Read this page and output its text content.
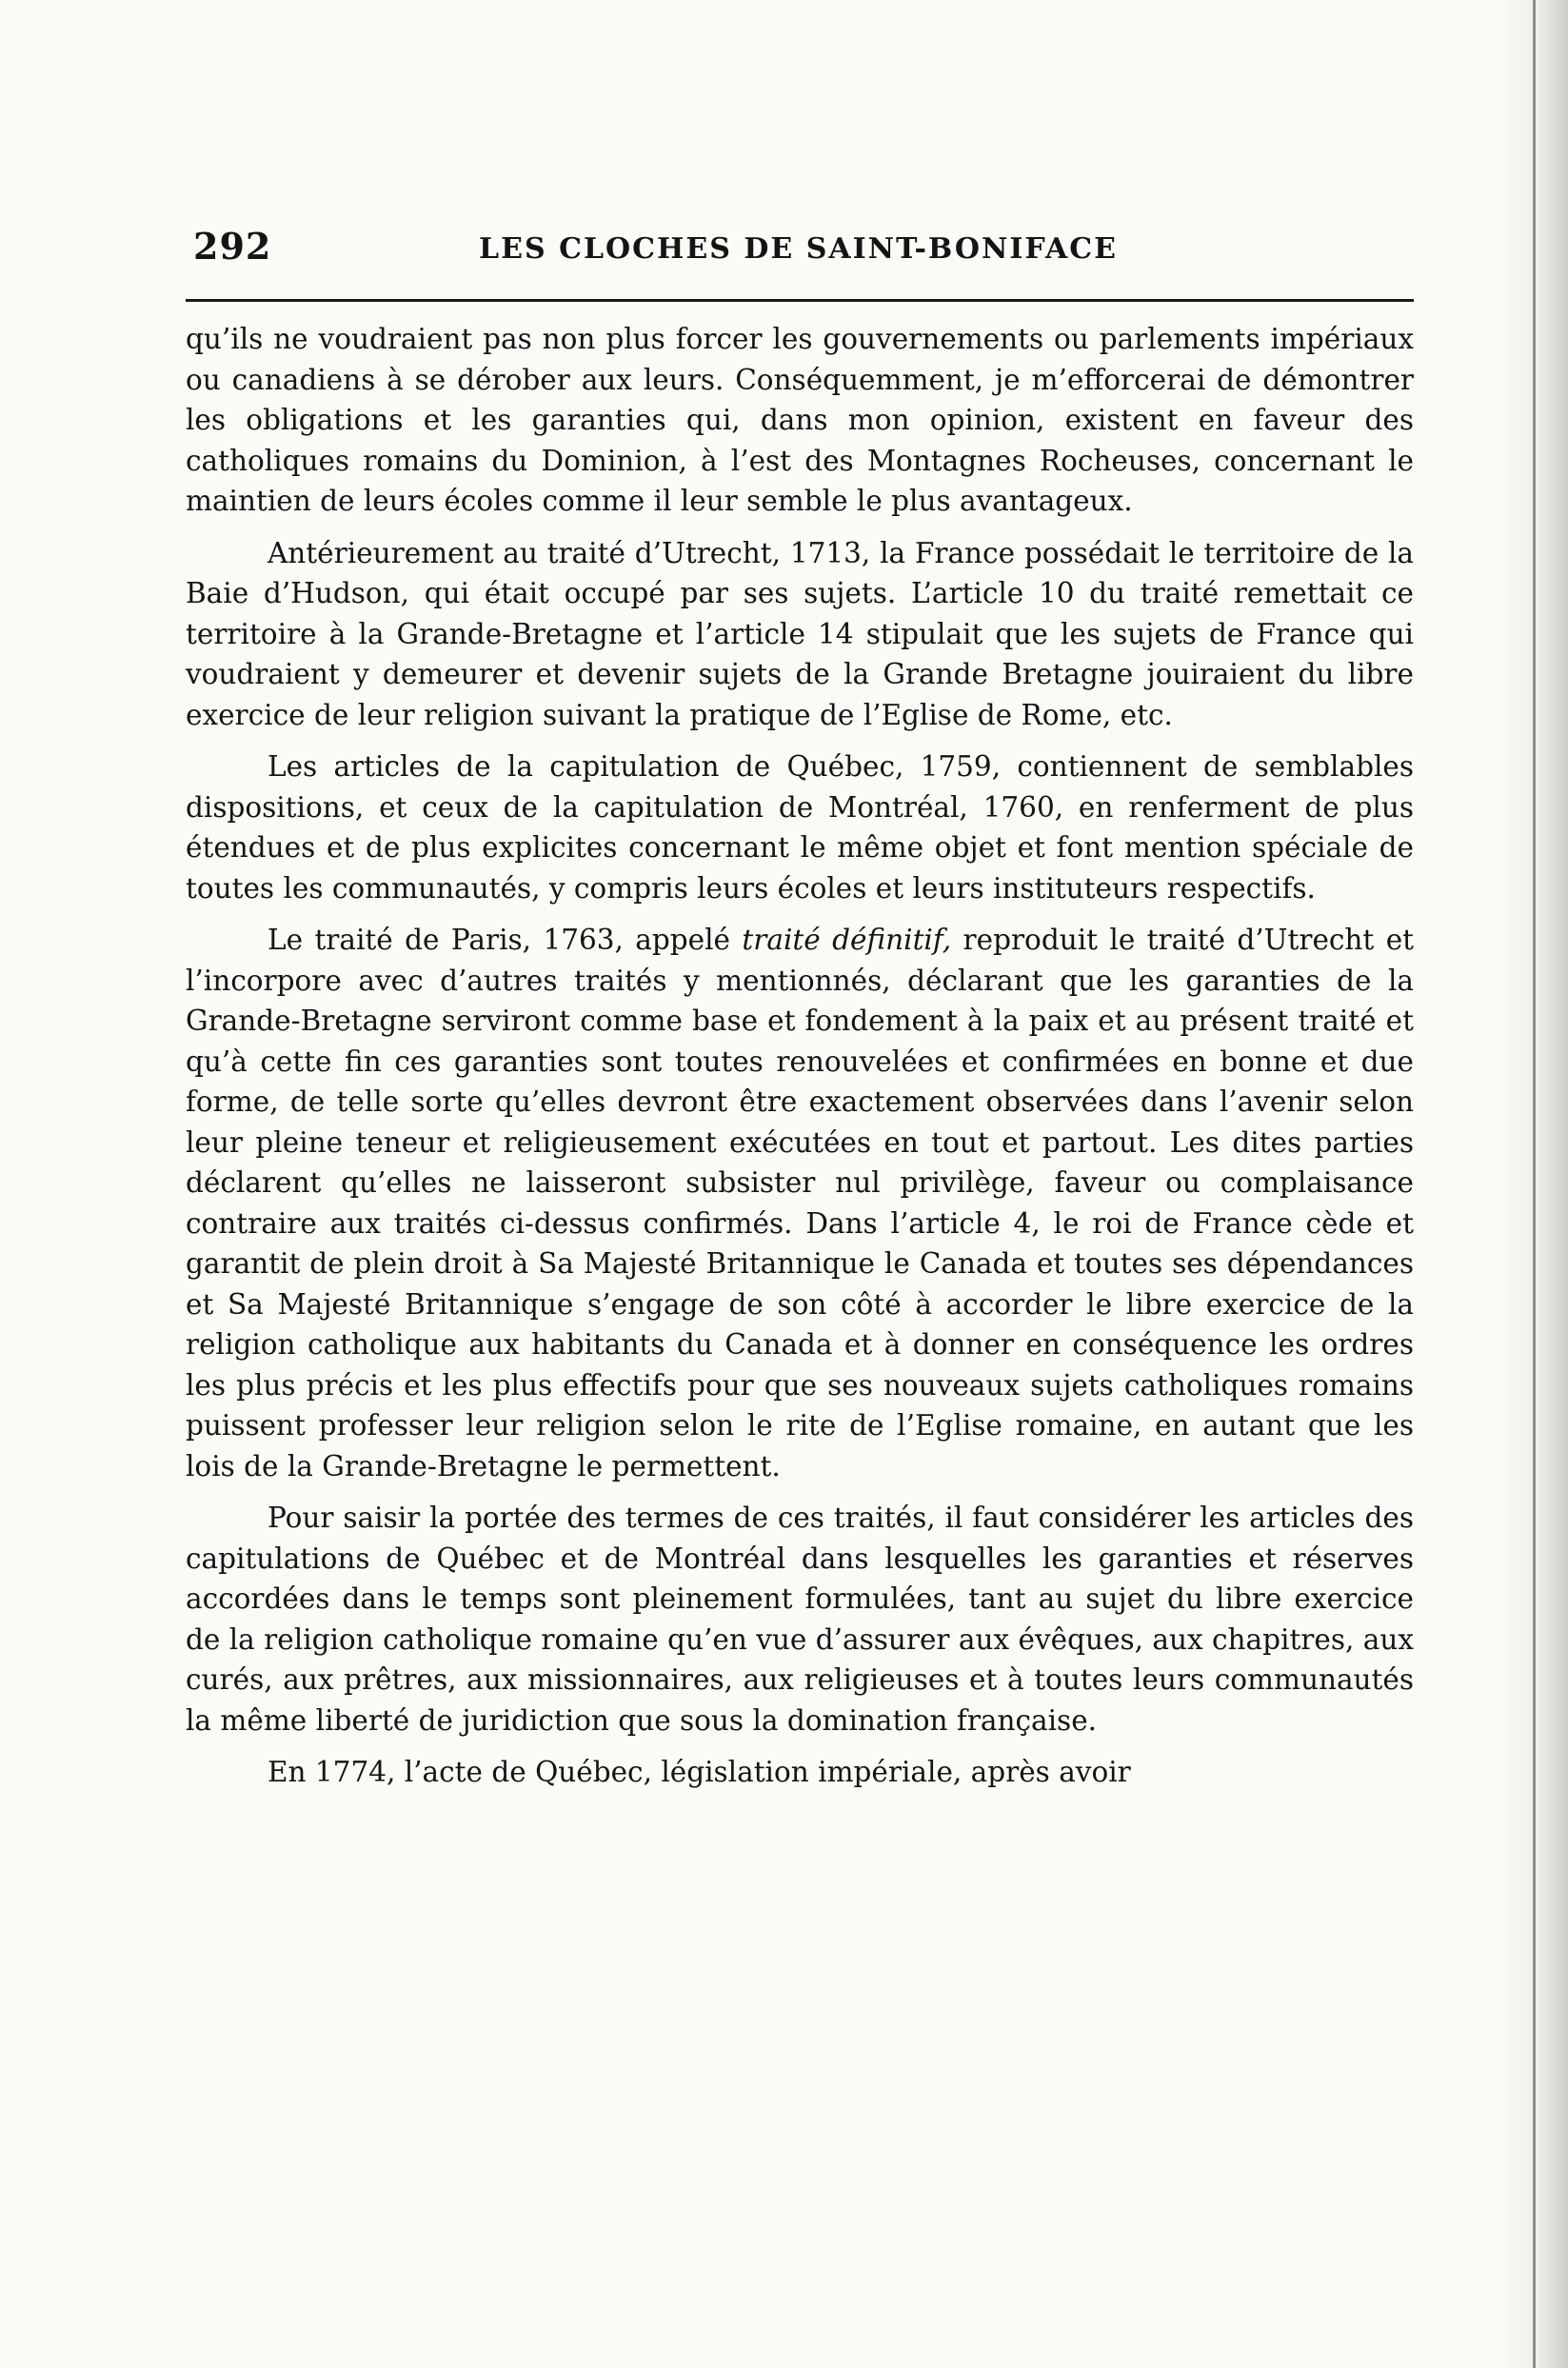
292	LES CLOCHES DE SAINT-BONIFACE

qu’ils ne voudraient pas non plus forcer les gouvernements ou parlements impériaux ou canadiens à se dérober aux leurs. Conséquemment, je m’efforcerai de démontrer les obligations et les garanties qui, dans mon opinion, existent en faveur des catholiques romains du Dominion, à l’est des Montagnes Rocheuses, concernant le maintien de leurs écoles comme il leur semble le plus avantageux.

Antérieurement au traité d’Utrecht, 1713, la France possédait le territoire de la Baie d’Hudson, qui était occupé par ses sujets. L’article 10 du traité remettait ce territoire à la Grande-Bretagne et l’article 14 stipulait que les sujets de France qui voudraient y demeurer et devenir sujets de la Grande Bretagne jouiraient du libre exercice de leur religion suivant la pratique de l’Eglise de Rome, etc.

Les articles de la capitulation de Québec, 1759, contiennent de semblables dispositions, et ceux de la capitulation de Montréal, 1760, en renferment de plus étendues et de plus explicites concernant le même objet et font mention spéciale de toutes les communautés, y compris leurs écoles et leurs instituteurs respectifs.

Le traité de Paris, 1763, appelé traité définitif, reproduit le traité d’Utrecht et l’incorpore avec d’autres traités y mentionnés, déclarant que les garanties de la Grande-Bretagne serviront comme base et fondement à la paix et au présent traité et qu’à cette fin ces garanties sont toutes renouvelées et confirmées en bonne et due forme, de telle sorte qu’elles devront être exactement observées dans l’avenir selon leur pleine teneur et religieusement exécutées en tout et partout. Les dites parties déclarent qu’elles ne laisseront subsister nul privilège, faveur ou complaisance contraire aux traités ci-dessus confirmés. Dans l’article 4, le roi de France cède et garantit de plein droit à Sa Majesté Britannique le Canada et toutes ses dépendances et Sa Majesté Britannique s’engage de son côté à accorder le libre exercice de la religion catholique aux habitants du Canada et à donner en conséquence les ordres les plus précis et les plus effectifs pour que ses nouveaux sujets catholiques romains puissent professer leur religion selon le rite de l’Eglise romaine, en autant que les lois de la Grande-Bretagne le permettent.

Pour saisir la portée des termes de ces traités, il faut considérer les articles des capitulations de Québec et de Montréal dans lesquelles les garanties et réserves accordées dans le temps sont pleinement formulées, tant au sujet du libre exercice de la religion catholique romaine qu’en vue d’assurer aux évêques, aux chapitres, aux curés, aux prêtres, aux missionnaires, aux religieuses et à toutes leurs communautés la même liberté de juridiction que sous la domination française.

En 1774, l’acte de Québec, législation impériale, après avoir
